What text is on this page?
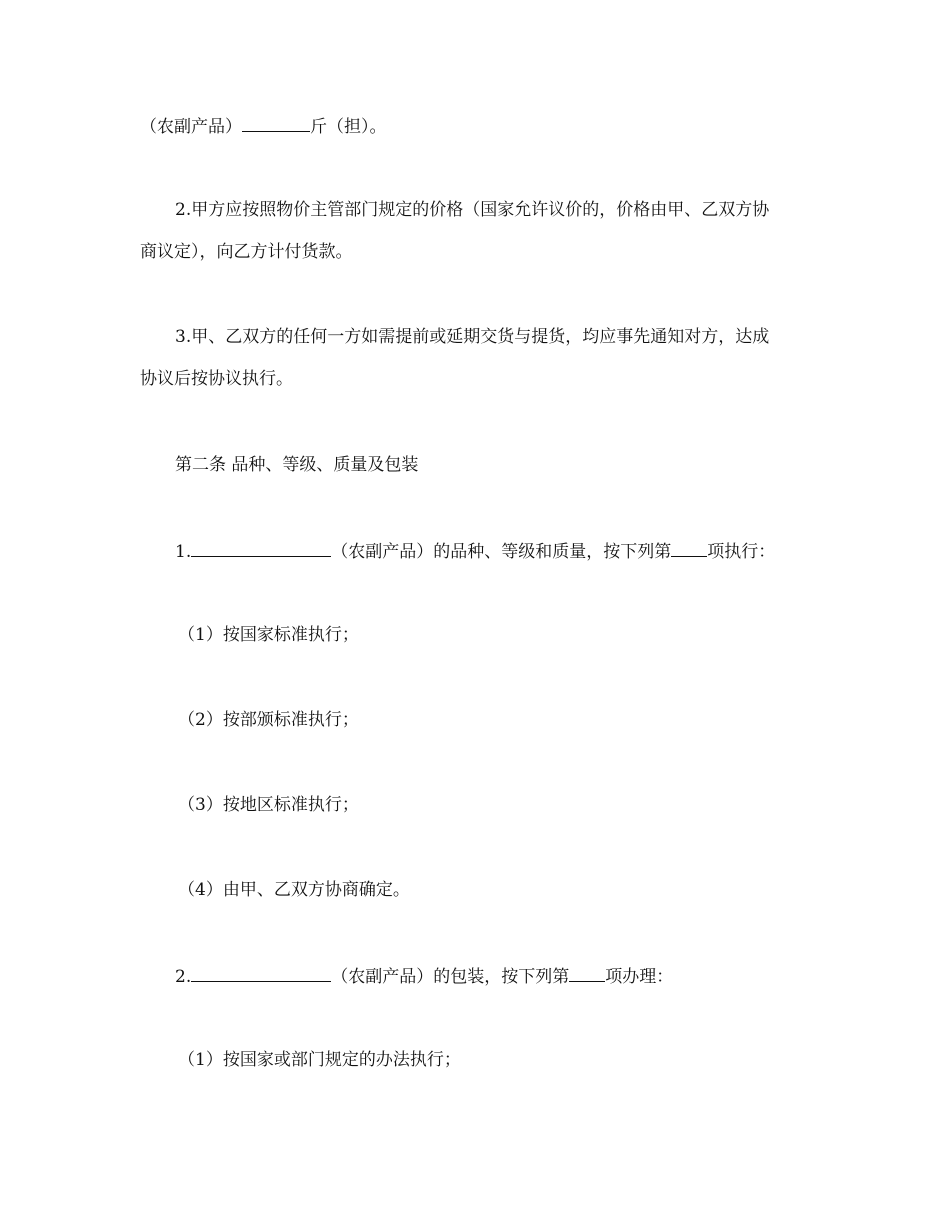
（农副产品）	斤（担）。
2.甲方应按照物价主管部门规定的价格（国家允许议价的，价格由甲、乙双方协
商议定），向乙方计付货款。
3.甲、乙双方的任何一方如需提前或延期交货与提货，均应事先通知对方，达成
协议后按协议执行。
第二条 品种、等级、质量及包装
1.	（农副产品）的品种、等级和质量，按下列第 项执行：
（1）按国家标准执行；
（2）按部颁标准执行；
（3）按地区标准执行；
（4）由甲、乙双方协商确定。
2.	（农副产品）的包装，按下列第 项办理：
（1）按国家或部门规定的办法执行；
